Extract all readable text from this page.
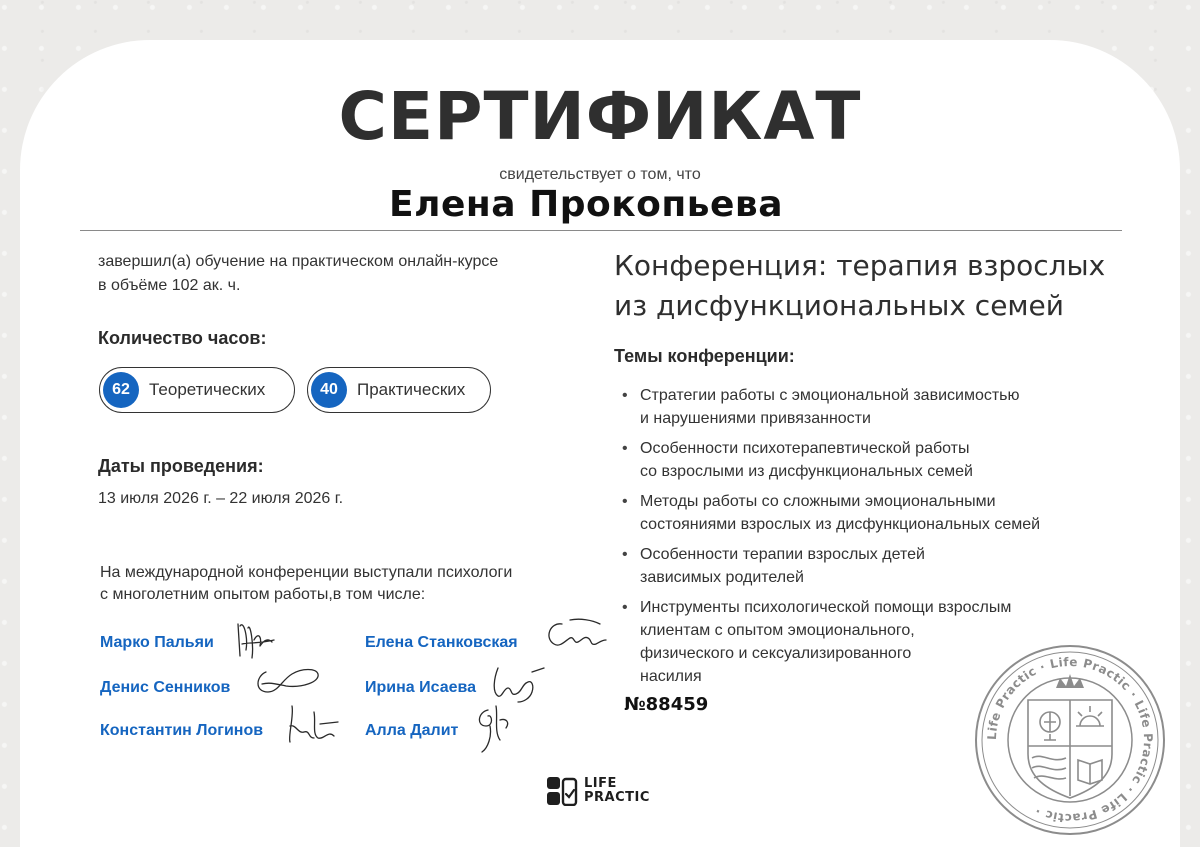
СЕРТИФИКАТ
свидетельствует о том, что
Елена Прокопьева
завершил(а) обучение на практическом онлайн-курсе
в объёме 102 ак. ч.
Количество часов:
62	Теоретических	40	Практических
Даты проведения:
13 июля 2026 г. – 22 июля 2026 г.
На международной конференции выступали психологи
с многолетним опытом работы,в том числе:
Марко Пальяи
Денис Сенников
Константин Логинов
Елена Станковская
Ирина Исаева
Алла Далит
LIFE
PRACTIC
Конференция: терапия взрослых
из дисфункциональных семей
Темы конференции:
• Стратегии работы с эмоциональной зависимостью
и нарушениями привязанности
• Особенности психотерапевтической работы
со взрослыми из дисфункциональных семей
• Методы работы со сложными эмоциональными
состояниями взрослых из дисфункциональных семей
• Особенности терапии взрослых детей
зависимых родителей
• Инструменты психологической помощи взрослым
клиентам с опытом эмоционального,
физического и сексуализированного
насилия
№88459
Life Practic · Life Practic · Life Practic · Life Practic ·
